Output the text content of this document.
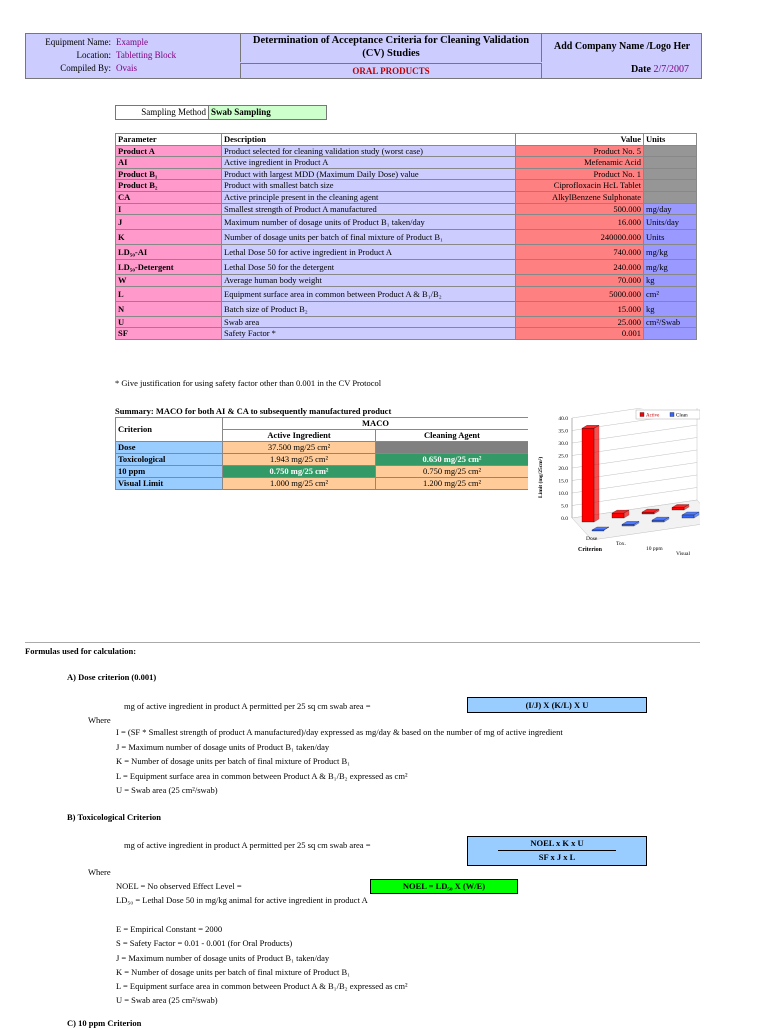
Equipment Name: Example
Location: Tabletting Block
Compiled By: Ovais
Determination of Acceptance Criteria for Cleaning Validation (CV) Studies
ORAL PRODUCTS
Add Company Name /Logo Her
Date 2/7/2007
Sampling Method Swab Sampling
Parameter	Description	Value	Units
Product A	Product selected for cleaning validation study (worst case)	Product No. 5	
AI	Active ingredient in Product A	Mefenamic Acid	
Product B₁	Product with largest MDD (Maximum Daily Dose) value	Product No. 1	
Product B₂	Product with smallest batch size	Ciprofloxacin HcL Tablet	
CA	Active principle present in the cleaning agent	AlkylBenzene Sulphonate	
I	Smallest strength of Product A manufactured	500.000	mg/day
J	Maximum number of dosage units of Product B₁ taken/day	16.000	Units/day
K	Number of dosage units per batch of final mixture of Product B₁	240000.000	Units
LD₅₀-AI	Lethal Dose 50 for active ingredient in Product A	740.000	mg/kg
LD₅₀-Detergent	Lethal Dose 50 for the detergent	240.000	mg/kg
W	Average human body weight	70.000	kg
L	Equipment surface area in common between Product A & B₁/B₂	5000.000	cm²
N	Batch size of Product B₂	15.000	kg
U	Swab area	25.000	cm²/Swab
SF	Safety Factor *	0.001	
* Give justification for using safety factor other than 0.001 in the CV Protocol
Summary: MACO for both AI & CA to subsequently manufactured product
Criterion	MACO	
	Active Ingredient	Cleaning Agent
Dose	37.500 mg/25 cm²	
Toxicological	1.943 mg/25 cm²	0.650 mg/25 cm²
10 ppm	0.750 mg/25 cm²	0.750 mg/25 cm²
Visual Limit	1.000 mg/25 cm²	1.200 mg/25 cm²
0.0
5.0
10.0
15.0
20.0
25.0
30.0
35.0
40.0
Dose
Tox.
10 ppm
Visual
Criterion
Limit (mg/25cm²)
Active	Clean
Formulas used for calculation:
A) Dose criterion (0.001)
mg of active ingredient in product A permitted per 25 sq cm swab area =	(I/J) X (K/L) X U
Where
I = (SF * Smallest strength of product A manufactured)/day expressed as mg/day & based on the number of mg of active ingredient
J = Maximum number of dosage units of Product B₁ taken/day
K = Number of dosage units per batch of final mixture of Product B₁
L = Equipment surface area in common between Product A & B₁/B₂ expressed as cm²
U = Swab area (25 cm²/swab)
B) Toxicological Criterion
mg of active ingredient in product A permitted per 25 sq cm swab area =	NOEL x K x U
SF x J x L
Where
NOEL = LD₅₀ X (W/E)
NOEL = No observed Effect Level =
LD₅₀ = Lethal Dose 50 in mg/kg animal for active ingredient in product A
E = Empirical Constant = 2000
S = Safety Factor = 0.01 - 0.001 (for Oral Products)
J = Maximum number of dosage units of Product B₁ taken/day
K = Number of dosage units per batch of final mixture of Product B₁
L = Equipment surface area in common between Product A & B₁/B₂ expressed as cm²
U = Swab area (25 cm²/swab)
C) 10 ppm Criterion
